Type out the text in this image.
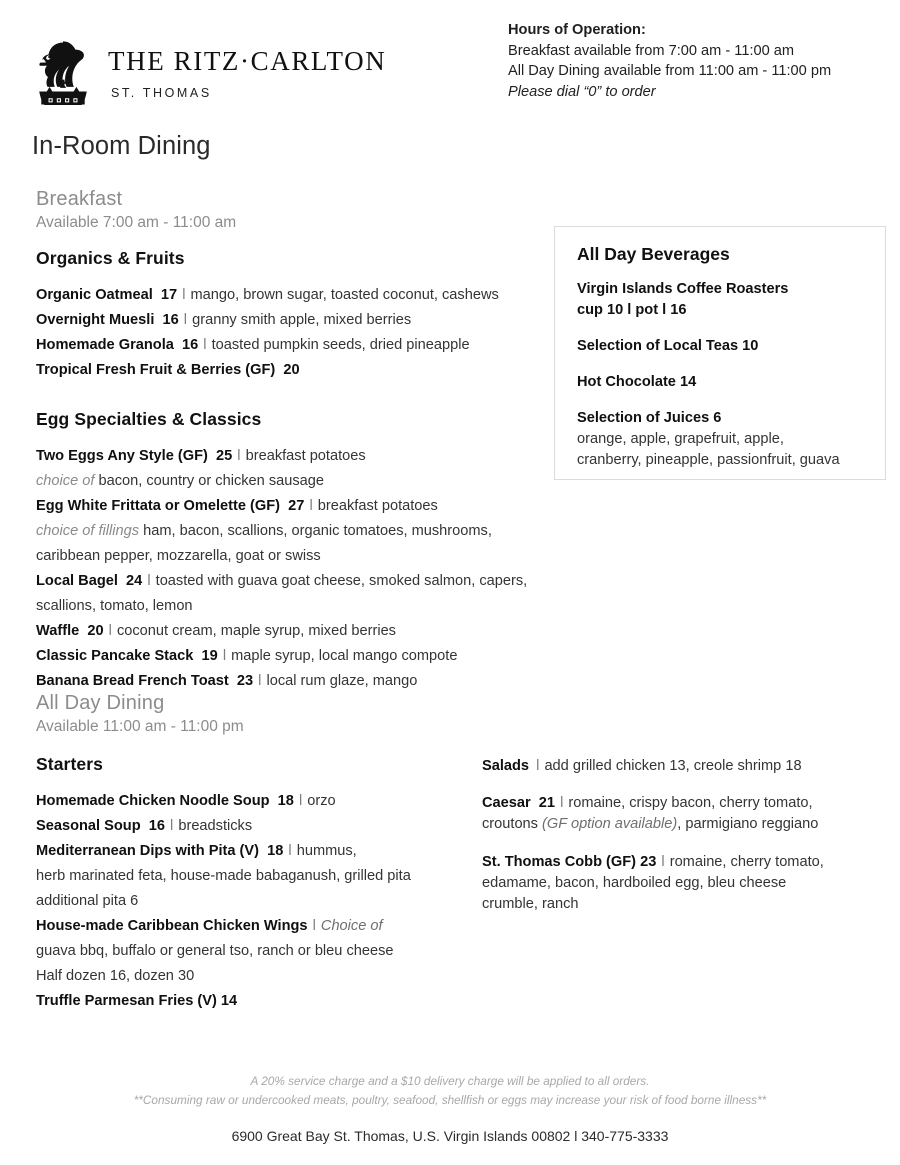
THE RITZ·CARLTON
ST. THOMAS
Hours of Operation:
Breakfast available from 7:00 am - 11:00 am
All Day Dining available from 11:00 am - 11:00 pm
Please dial “0” to order
In-Room Dining
Breakfast
Available 7:00 am - 11:00 am
Organics & Fruits
Organic Oatmeal  17 l mango, brown sugar, toasted coconut, cashews
Overnight Muesli  16 l granny smith apple, mixed berries
Homemade Granola  16 l toasted pumpkin seeds, dried pineapple
Tropical Fresh Fruit & Berries (GF)  20
Egg Specialties & Classics
Two Eggs Any Style (GF)  25 l breakfast potatoes
choice of bacon, country or chicken sausage
Egg White Frittata or Omelette (GF)  27 l breakfast potatoes
choice of fillings ham, bacon, scallions, organic tomatoes, mushrooms, caribbean pepper, mozzarella, goat or swiss
Local Bagel  24 l toasted with guava goat cheese, smoked salmon, capers, scallions, tomato, lemon
Waffle  20 l coconut cream, maple syrup, mixed berries
Classic Pancake Stack  19 l maple syrup, local mango compote
Banana Bread French Toast  23 l local rum glaze, mango
All Day Beverages
Virgin Islands Coffee Roasters
cup 10 l pot l 16
Selection of Local Teas 10
Hot Chocolate 14
Selection of Juices 6
orange, apple, grapefruit, apple,
cranberry, pineapple, passionfruit, guava
All Day Dining
Available 11:00 am - 11:00 pm
Starters
Homemade Chicken Noodle Soup  18 l orzo
Seasonal Soup  16 l breadsticks
Mediterranean Dips with Pita (V)  18 l hummus,
herb marinated feta, house-made babaganush, grilled pita
additional pita 6
House-made Caribbean Chicken Wings l Choice of
guava bbq, buffalo or general tso, ranch or bleu cheese
Half dozen 16, dozen 30
Truffle Parmesan Fries (V) 14
Salads l add grilled chicken 13, creole shrimp 18
Caesar  21 l romaine, crispy bacon, cherry tomato,
croutons (GF option available), parmigiano reggiano
St. Thomas Cobb (GF) 23 l romaine, cherry tomato,
edamame, bacon, hardboiled egg, bleu cheese
crumble, ranch
A 20% service charge and a $10 delivery charge will be applied to all orders.
**Consuming raw or undercooked meats, poultry, seafood, shellfish or eggs may increase your risk of food borne illness**
6900 Great Bay St. Thomas, U.S. Virgin Islands 00802 l 340-775-3333
